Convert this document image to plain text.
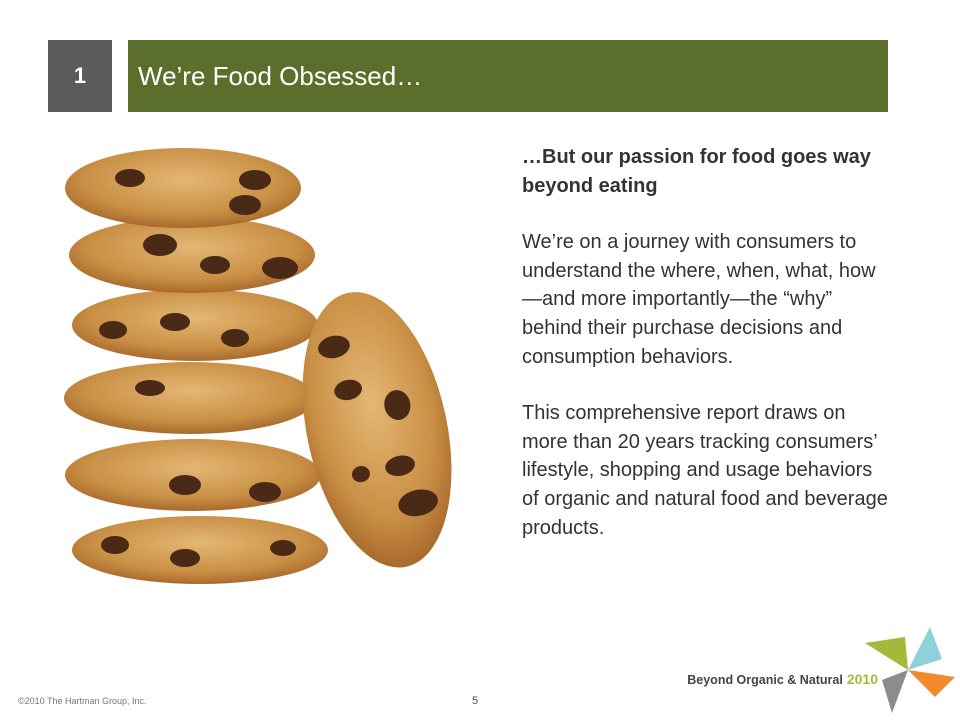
1 We’re Food Obsessed…

…But our passion for food goes way beyond eating

We’re on a journey with consumers to understand the where, when, what, how—and more importantly—the “why” behind their purchase decisions and consumption behaviors.

This comprehensive report draws on more than 20 years tracking consumers’ lifestyle, shopping and usage behaviors of organic and natural food and beverage products.

Beyond Organic & Natural 2010
©2010 The Hartman Group, Inc.	5
